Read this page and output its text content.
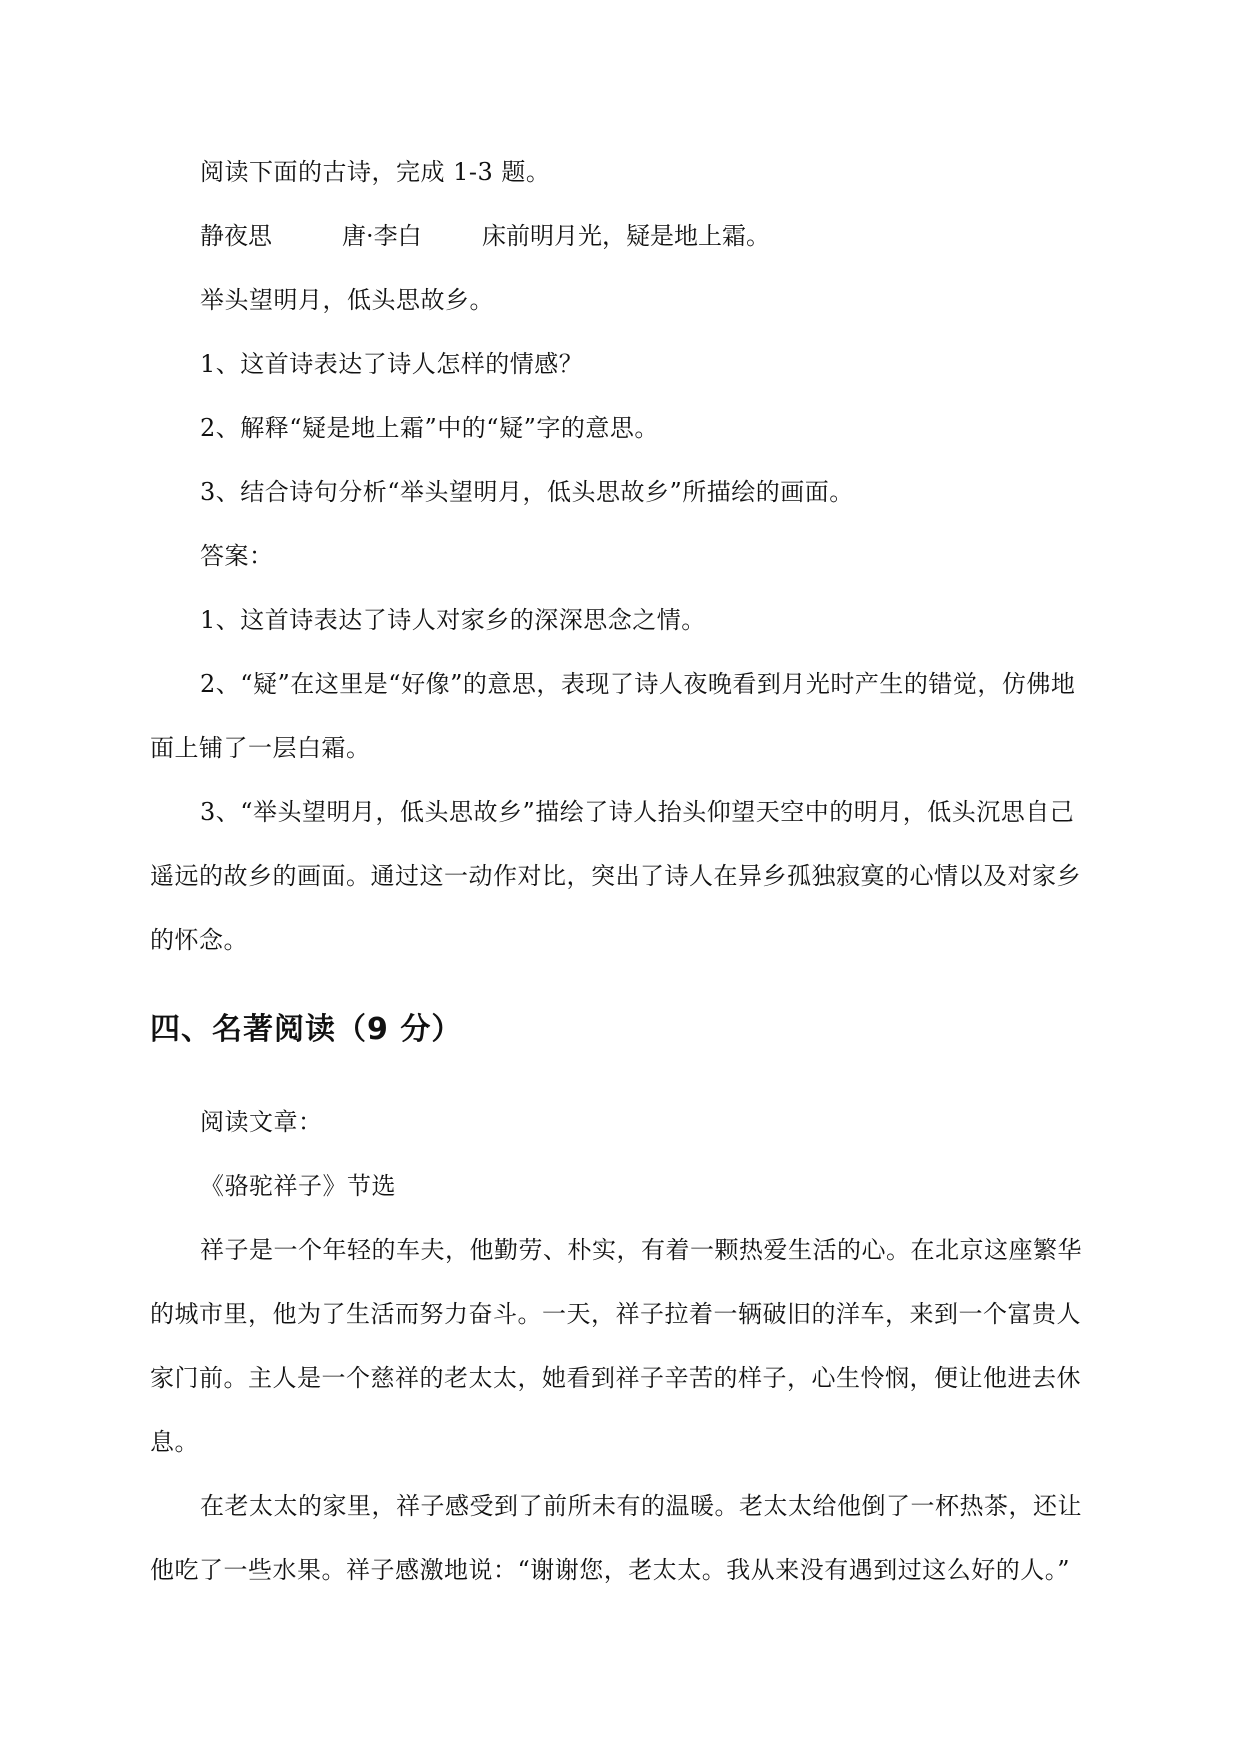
阅读下面的古诗，完成 1-3 题。

静夜思	唐·李白	床前明月光，疑是地上霜。

举头望明月，低头思故乡。

1、这首诗表达了诗人怎样的情感？

2、解释“疑是地上霜”中的“疑”字的意思。

3、结合诗句分析“举头望明月，低头思故乡”所描绘的画面。

答案：

1、这首诗表达了诗人对家乡的深深思念之情。

2、“疑”在这里是“好像”的意思，表现了诗人夜晚看到月光时产生的错觉，仿佛地面上铺了一层白霜。

3、“举头望明月，低头思故乡”描绘了诗人抬头仰望天空中的明月，低头沉思自己遥远的故乡的画面。通过这一动作对比，突出了诗人在异乡孤独寂寞的心情以及对家乡的怀念。

四、名著阅读（9 分）

阅读文章：

《骆驼祥子》节选

祥子是一个年轻的车夫，他勤劳、朴实，有着一颗热爱生活的心。在北京这座繁华的城市里，他为了生活而努力奋斗。一天，祥子拉着一辆破旧的洋车，来到一个富贵人家门前。主人是一个慈祥的老太太，她看到祥子辛苦的样子，心生怜悯，便让他进去休息。

在老太太的家里，祥子感受到了前所未有的温暖。老太太给他倒了一杯热茶，还让他吃了一些水果。祥子感激地说：“谢谢您，老太太。我从来没有遇到过这么好的人。”
